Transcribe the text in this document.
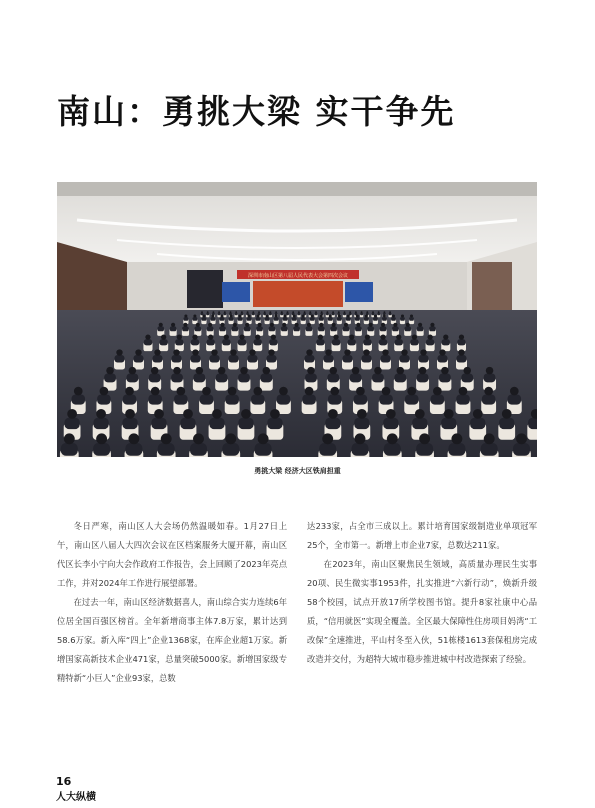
南山：勇挑大梁 实干争先
深圳市南山区第八届人民代表大会第四次会议
勇挑大梁 经济大区铁肩担重

冬日严寒，南山区人大会场仍然温暖如春。1月27日上午，南山区八届人大四次会议在区档案服务大厦开幕，南山区代区长李小宁向大会作政府工作报告，会上回顾了2023年亮点工作，并对2024年工作进行展望部署。

在过去一年，南山区经济数据喜人，南山综合实力连续6年位居全国百强区榜首。全年新增商事主体7.8万家，累计达到58.6万家。新入库“四上”企业1368家，在库企业超1万家。新增国家高新技术企业471家，总量突破5000家。新增国家级专精特新“小巨人”企业93家，总数

达233家，占全市三成以上。累计培育国家级制造业单项冠军25个，全市第一。新增上市企业7家，总数达211家。

在2023年，南山区聚焦民生领域，高质量办理民生实事20项、民生微实事1953件，扎实推进“六新行动”，焕新升级58个校园，试点开放17所学校图书馆。提升8家社康中心品质，“信用就医”实现全覆盖。全区最大保障性住房项目妈湾“工改保”全速推进，平山村冬至入伙，51栋楼1613套保租房完成改造并交付，为超特大城市稳步推进城中村改造探索了经验。

16
人大纵横
